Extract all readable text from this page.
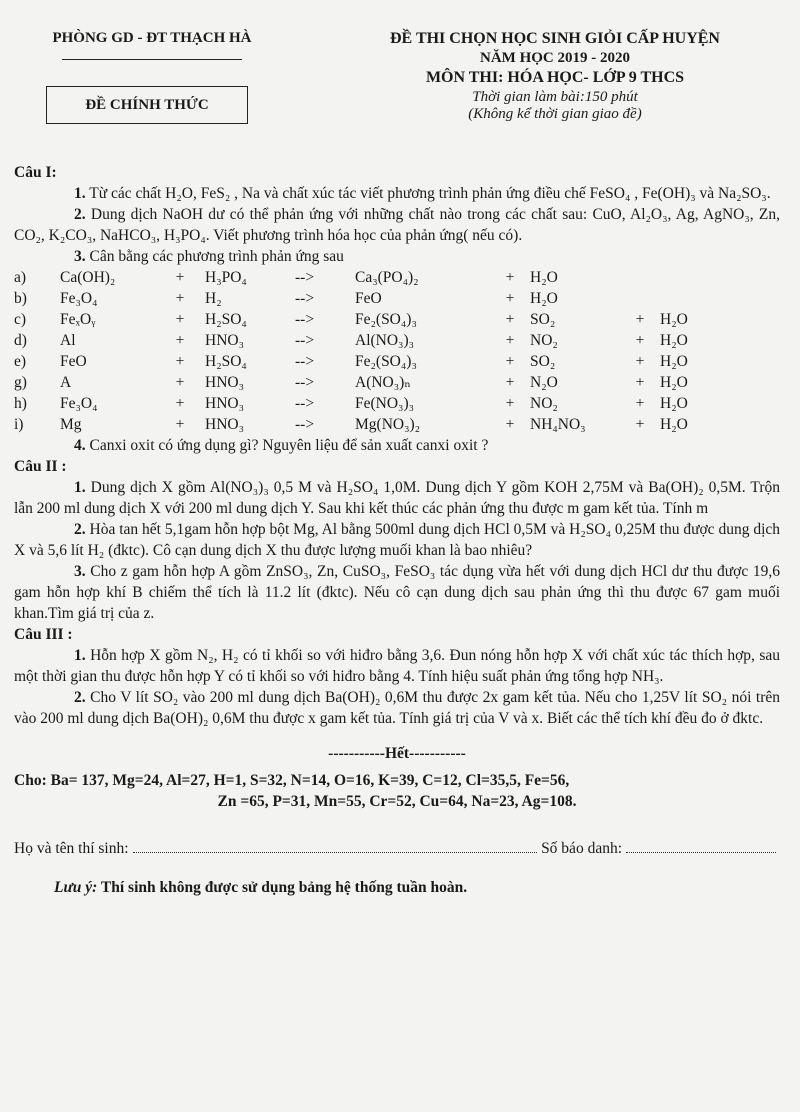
PHÒNG GD - ĐT THẠCH HÀ
ĐỀ CHÍNH THỨC
ĐỀ THI CHỌN HỌC SINH GIỎI CẤP HUYỆN
NĂM HỌC 2019 - 2020
MÔN THI: HÓA HỌC- LỚP 9 THCS
Thời gian làm bài:150 phút
(Không kể thời gian giao đề)
Câu I:
1. Từ các chất H₂O, FeS₂ , Na và chất xúc tác viết phương trình phản ứng điều chế FeSO₄ , Fe(OH)₃ và Na₂SO₃.
2. Dung dịch NaOH dư có thể phản ứng với những chất nào trong các chất sau: CuO, Al₂O₃, Ag, AgNO₃, Zn, CO₂, K₂CO₃, NaHCO₃, H₃PO₄. Viết phương trình hóa học của phản ứng( nếu có).
3. Cân bằng các phương trình phản ứng sau
a)	Ca(OH)₂	+	H₃PO₄	-->	Ca₃(PO₄)₂	+	H₂O		
b)	Fe₃O₄	+	H₂	-->	FeO	+	H₂O		
c)	FeₓOᵧ	+	H₂SO₄	-->	Fe₂(SO₄)₃	+	SO₂	+	H₂O
d)	Al	+	HNO₃	-->	Al(NO₃)₃	+	NO₂	+	H₂O
e)	FeO	+	H₂SO₄	-->	Fe₂(SO₄)₃	+	SO₂	+	H₂O
g)	A	+	HNO₃	-->	A(NO₃)ₙ	+	N₂O	+	H₂O
h)	Fe₃O₄	+	HNO₃	-->	Fe(NO₃)₃	+	NO₂	+	H₂O
i)	Mg	+	HNO₃	-->	Mg(NO₃)₂	+	NH₄NO₃	+	H₂O
4. Canxi oxit có ứng dụng gì? Nguyên liệu để sản xuất canxi oxit ?
Câu II :
1. Dung dịch X gồm Al(NO₃)₃ 0,5 M và H₂SO₄ 1,0M. Dung dịch Y gồm KOH 2,75M và Ba(OH)₂ 0,5M. Trộn lẫn 200 ml dung dịch X với 200 ml dung dịch Y. Sau khi kết thúc các phản ứng thu được m gam kết tủa. Tính m
2. Hòa tan hết 5,1gam hỗn hợp bột Mg, Al bằng 500ml dung dịch HCl 0,5M và H₂SO₄ 0,25M thu được dung dịch X và 5,6 lít H₂ (đktc). Cô cạn dung dịch X thu được lượng muối khan là bao nhiêu?
3. Cho z gam hỗn hợp A gồm ZnSO₃, Zn, CuSO₃, FeSO₃ tác dụng vừa hết với dung dịch HCl dư thu được 19,6 gam hỗn hợp khí B chiếm thể tích là 11.2 lít (đktc). Nếu cô cạn dung dịch sau phản ứng thì thu được 67 gam muối khan.Tìm giá trị của z.
Câu III :
1. Hỗn hợp X gồm N₂, H₂ có tỉ khối so với hiđro bằng 3,6. Đun nóng hỗn hợp X với chất xúc tác thích hợp, sau một thời gian thu được hỗn hợp Y có tỉ khối so với hiđro bằng 4. Tính hiệu suất phản ứng tổng hợp NH₃.
2. Cho V lít SO₂ vào 200 ml dung dịch Ba(OH)₂ 0,6M thu được 2x gam kết tủa. Nếu cho 1,25V lít SO₂ nói trên vào 200 ml dung dịch Ba(OH)₂ 0,6M thu được x gam kết tủa. Tính giá trị của V và x. Biết các thể tích khí đều đo ở đktc.
-----------Hết-----------
Cho: Ba= 137, Mg=24, Al=27, H=1, S=32, N=14, O=16, K=39, C=12, Cl=35,5, Fe=56,
Zn =65, P=31, Mn=55, Cr=52, Cu=64, Na=23, Ag=108.
Họ và tên thí sinh:	Số báo danh:
Lưu ý: Thí sinh không được sử dụng bảng hệ thống tuần hoàn.
